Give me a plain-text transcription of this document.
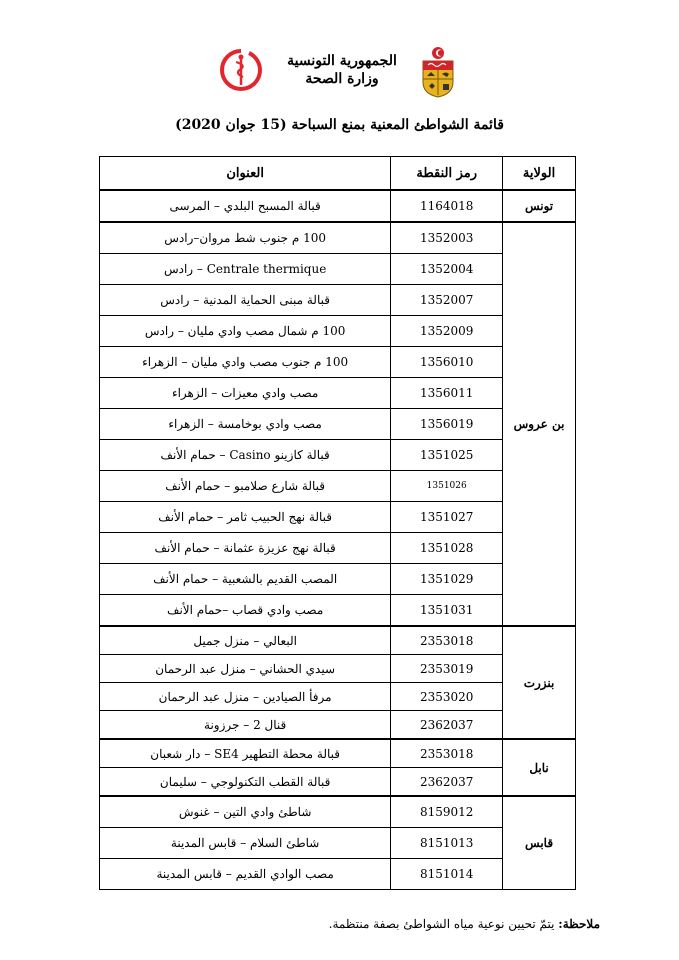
الجمهورية التونسية
وزارة الصحة
قائمة الشواطئ المعنية بمنع السباحة (15 جوان 2020)
الولاية	رمز النقطة	العنوان
تونس	1164018	قبالة المسبح البلدي – المرسى
بن عروس	1352003	100 م جنوب شط مروان–رادس
	1352004	Centrale thermique – رادس
	1352007	قبالة مبنى الحماية المدنية – رادس
	1352009	100 م شمال مصب وادي مليان – رادس
	1356010	100 م جنوب مصب وادي مليان – الزهراء
	1356011	مصب وادي معيزات – الزهراء
	1356019	مصب وادي بوخامسة – الزهراء
	1351025	قبالة كازينو Casino – حمام الأنف
	1351026	قبالة شارع صلامبو – حمام الأنف
	1351027	قبالة نهج الحبيب ثامر – حمام الأنف
	1351028	قبالة نهج عزيزة عثمانة – حمام الأنف
	1351029	المصب القديم بالشعبية – حمام الأنف
	1351031	مصب وادي قصاب –حمام الأنف
بنزرت	2353018	البعالي – منزل جميل
	2353019	سيدي الحشاني – منزل عبد الرحمان
	2353020	مرفأ الصيادين – منزل عبد الرحمان
	2362037	قنال 2 – جرزونة
نابل	2353018	قبالة محطة التطهير SE4 – دار شعبان
	2362037	قبالة القطب التكنولوجي – سليمان
قابس	8159012	شاطئ وادي التين – غنوش
	8151013	شاطئ السلام – قابس المدينة
	8151014	مصب الوادي القديم – قابس المدينة
ملاحظة: يتمّ تحيين نوعية مياه الشواطئ بصفة منتظمة.
